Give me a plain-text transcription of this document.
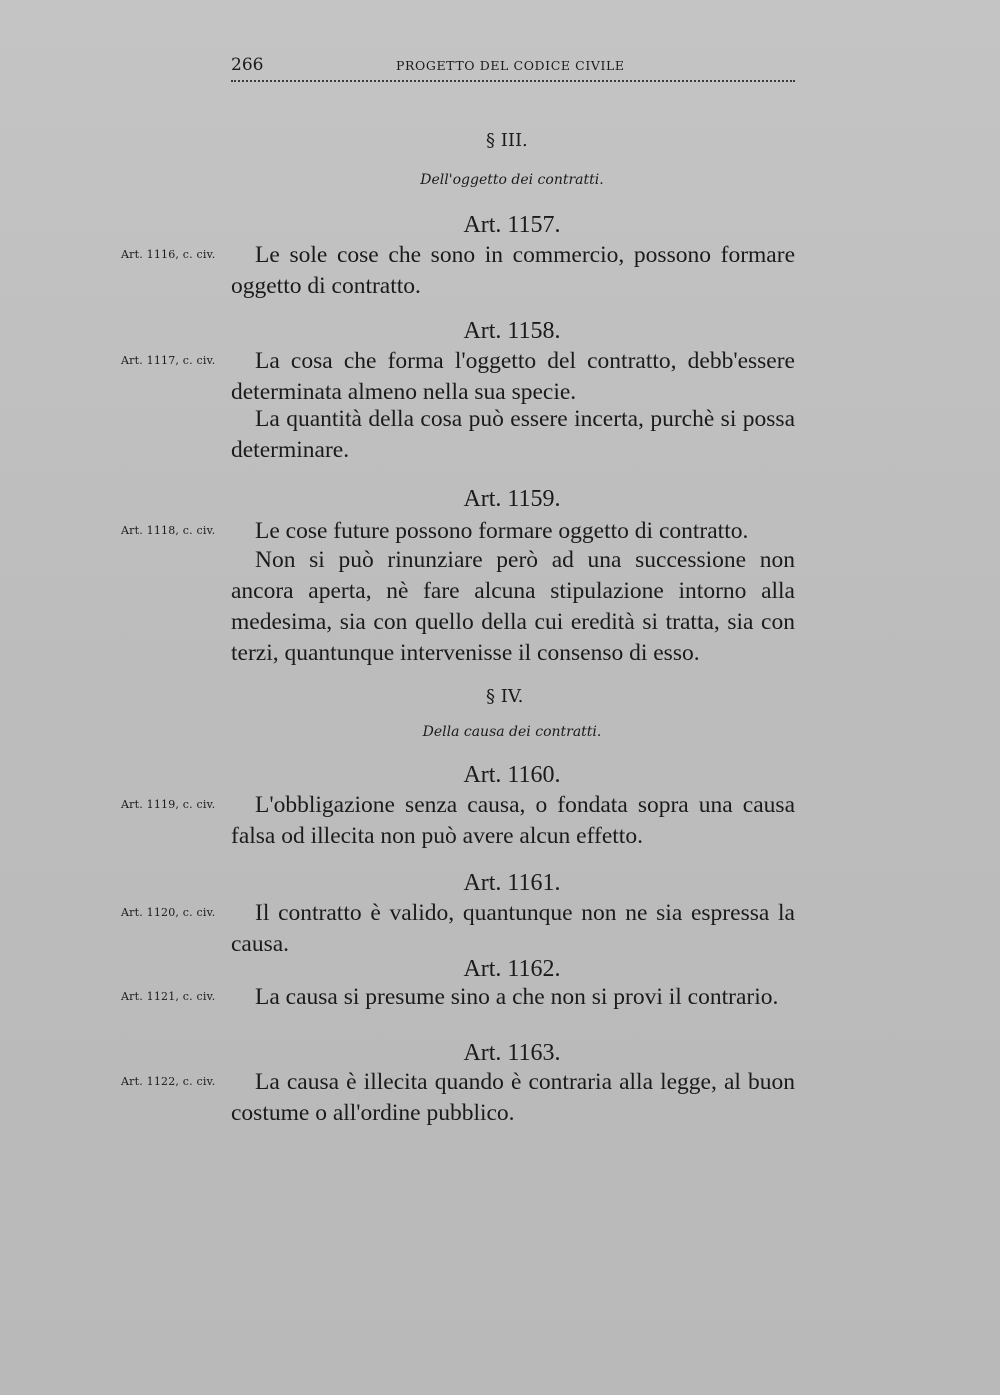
266	PROGETTO DEL CODICE CIVILE
§ III.
Dell'oggetto dei contratti.
Art. 1157.
Art. 1116, c. civ.	Le sole cose che sono in commercio, possono formare oggetto di contratto.

Art. 1158.
Art. 1117, c. civ.	La cosa che forma l'oggetto del contratto, debb'essere determinata almeno nella sua specie.

La quantità della cosa può essere incerta, purchè si possa determinare.

Art. 1159.
Art. 1118, c. civ.	Le cose future possono formare oggetto di contratto.

Non si può rinunziare però ad una successione non ancora aperta, nè fare alcuna stipulazione intorno alla medesima, sia con quello della cui eredità si tratta, sia con terzi, quantunque intervenisse il consenso di esso.

§ IV.
Della causa dei contratti.
Art. 1160.
Art. 1119, c. civ.	L'obbligazione senza causa, o fondata sopra una causa falsa od illecita non può avere alcun effetto.

Art. 1161.
Art. 1120, c. civ.	Il contratto è valido, quantunque non ne sia espressa la causa.

Art. 1162.
Art. 1121, c. civ.	La causa si presume sino a che non si provi il contrario.

Art. 1163.
Art. 1122, c. civ.	La causa è illecita quando è contraria alla legge, al buon costume o all'ordine pubblico.
